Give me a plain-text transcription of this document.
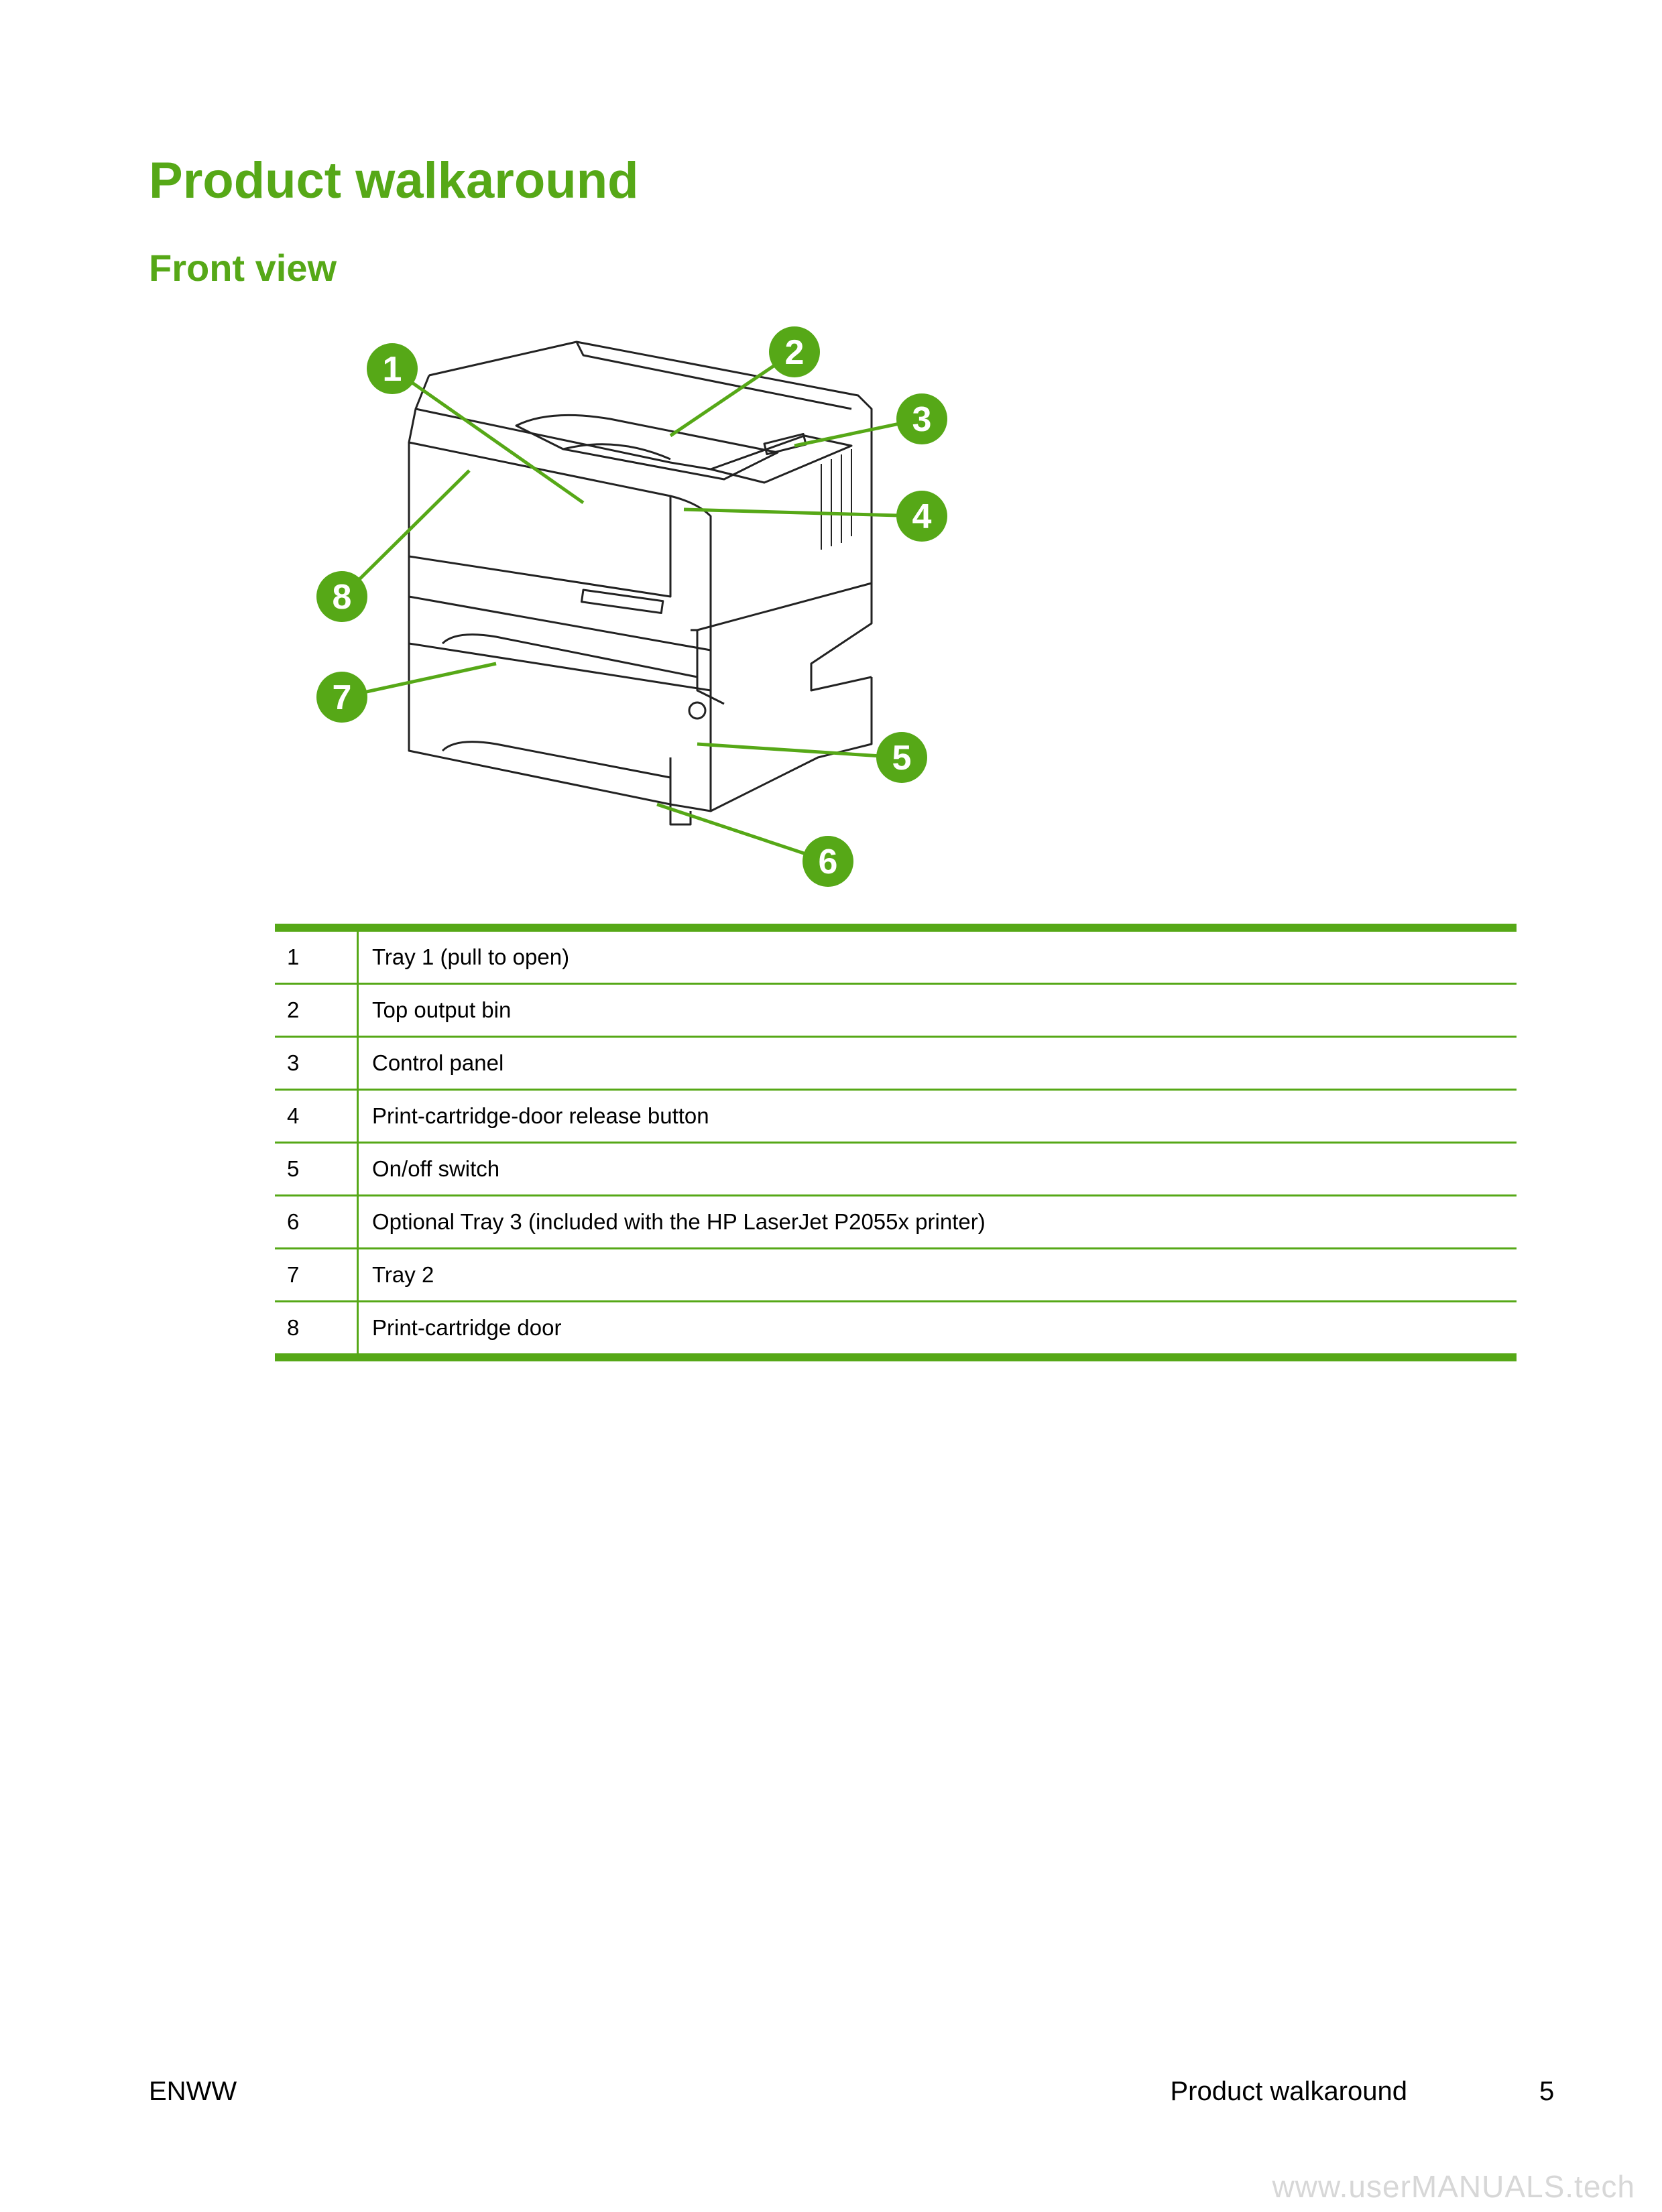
Product walkaround
Front view
1	2
3
4
5
6
7
8
1	Tray 1 (pull to open)
2	Top output bin
3	Control panel
4	Print-cartridge-door release button
5	On/off switch
6	Optional Tray 3 (included with the HP LaserJet P2055x printer)
7	Tray 2
8	Print-cartridge door
ENWW	Product walkaround	5
www.userMANUALS.tech
